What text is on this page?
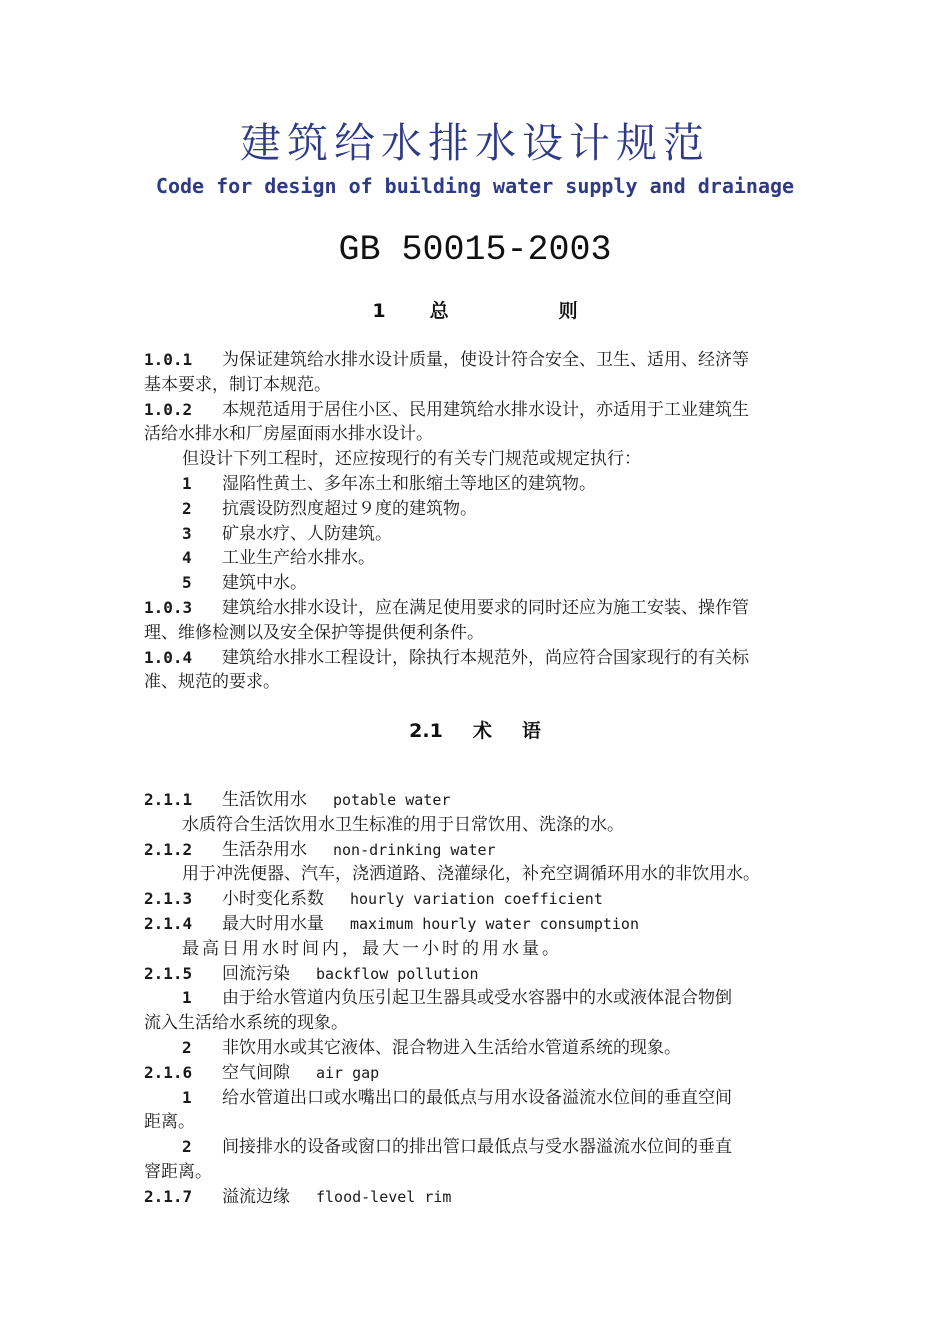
建筑给水排水设计规范
Code for design of building water supply and drainage
GB 50015-2003
1 总	则
1.0.1 为保证建筑给水排水设计质量，使设计符合安全、卫生、适用、经济等
基本要求，制订本规范。
1.0.2 本规范适用于居住小区、民用建筑给水排水设计，亦适用于工业建筑生
活给水排水和厂房屋面雨水排水设计。
但设计下列工程时，还应按现行的有关专门规范或规定执行：
1 湿陷性黄土、多年冻土和胀缩土等地区的建筑物。
2 抗震设防烈度超过９度的建筑物。
3 矿泉水疗、人防建筑。
4 工业生产给水排水。
5 建筑中水。
1.0.3 建筑给水排水设计，应在满足使用要求的同时还应为施工安装、操作管
理、维修检测以及安全保护等提供便利条件。
1.0.4 建筑给水排水工程设计，除执行本规范外，尚应符合国家现行的有关标
准、规范的要求。
2.1 术 语
2.1.1 生活饮用水 potable water
水质符合生活饮用水卫生标准的用于日常饮用、洗涤的水。
2.1.2 生活杂用水 non-drinking water
用于冲洗便器、汽车，浇洒道路、浇灌绿化，补充空调循环用水的非饮用水。
2.1.3 小时变化系数 hourly variation coefficient
2.1.4 最大时用水量 maximum hourly water consumption
最高日用水时间内，最大一小时的用水量。
2.1.5 回流污染 backflow pollution
1 由于给水管道内负压引起卫生器具或受水容器中的水或液体混合物倒
流入生活给水系统的现象。
2 非饮用水或其它液体、混合物进入生活给水管道系统的现象。
2.1.6 空气间隙 air gap
1 给水管道出口或水嘴出口的最低点与用水设备溢流水位间的垂直空间
距离。
2 间接排水的设备或窗口的排出管口最低点与受水器溢流水位间的垂直
窨距离。
2.1.7 溢流边缘 flood-level rim
